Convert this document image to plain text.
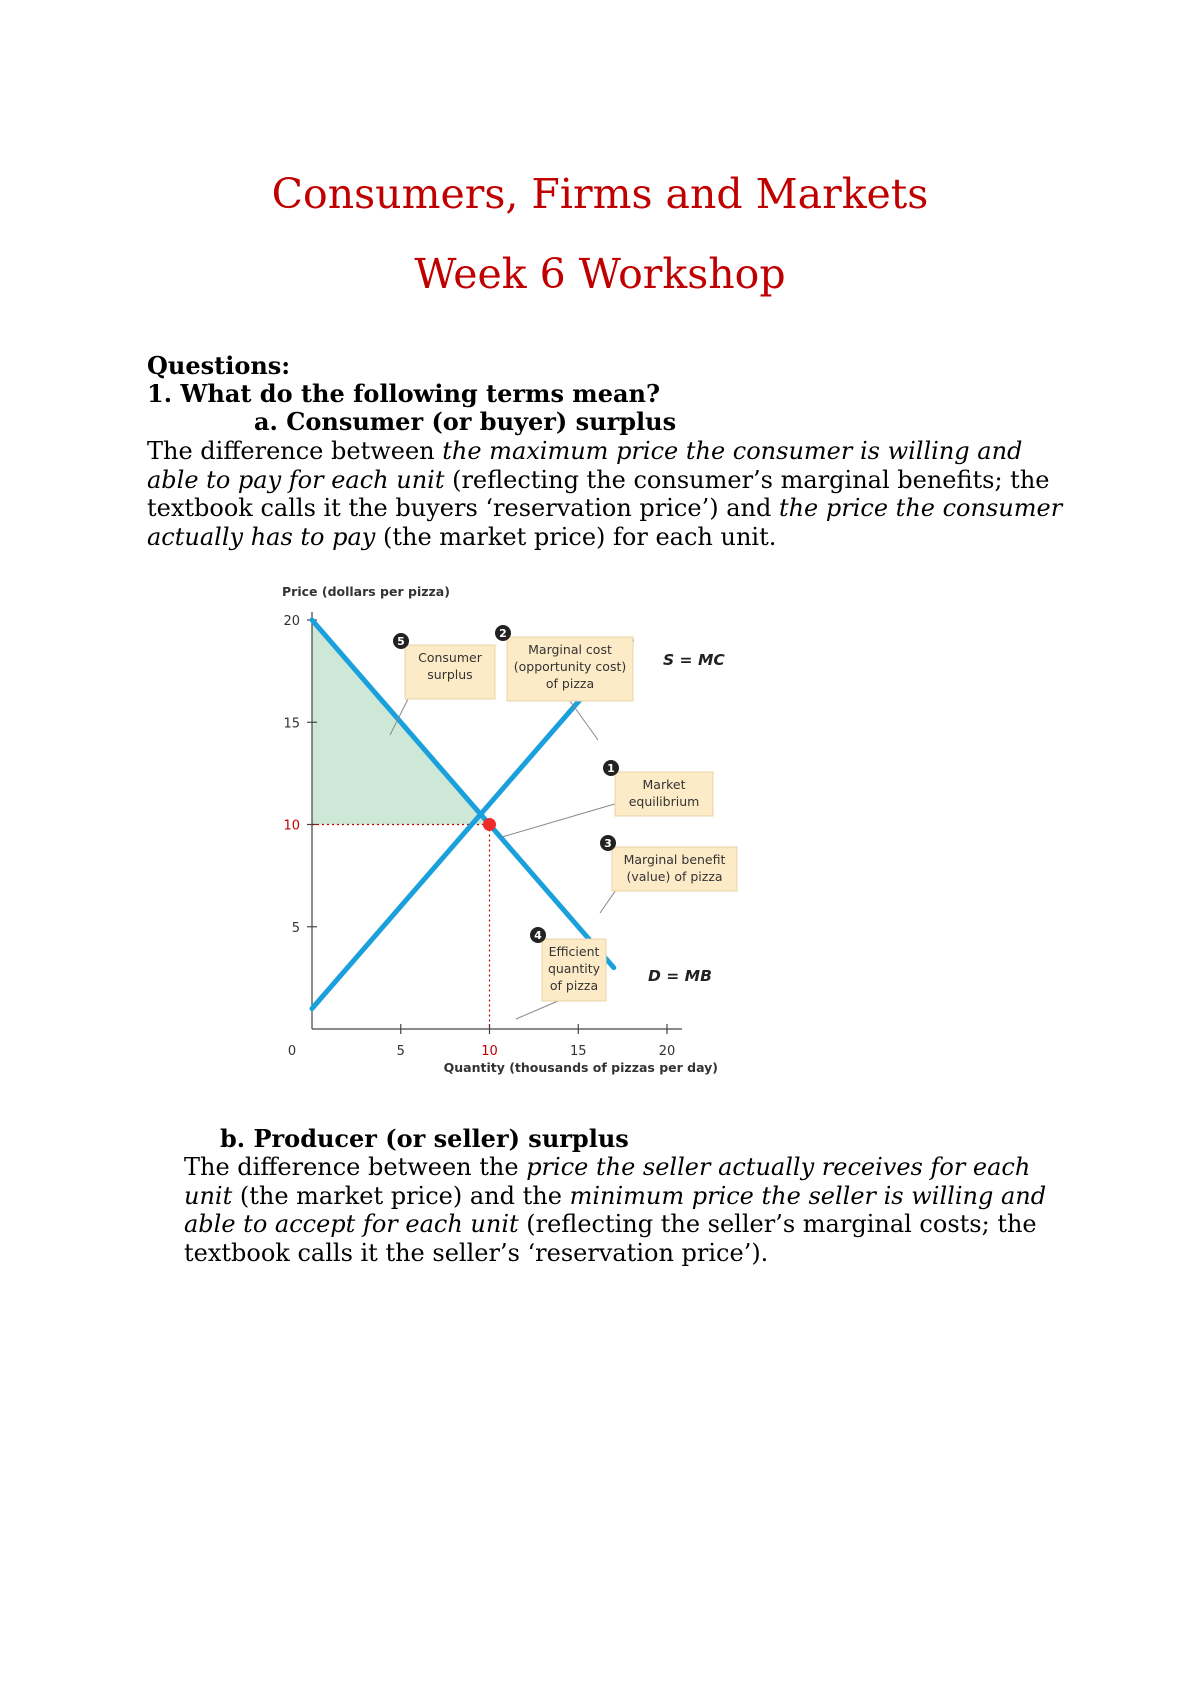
Consumers, Firms and Markets
Week 6 Workshop
Questions:
1. What do the following terms mean?
a. Consumer (or buyer) surplus
The difference between the maximum price the consumer is willing and able to pay for each unit (reflecting the consumer’s marginal benefits; the textbook calls it the buyers ‘reservation price’) and the price the consumer actually has to pay (the market price) for each unit.
0	5	10	15	20
5
10
15
20
Price (dollars per pizza)
Quantity (thousands of pizzas per day)
S = MC
D = MB
1
Market
equilibrium
2
Marginal cost
(opportunity cost)
of pizza
3
Marginal benefit
(value) of pizza
4
Efficient
quantity
of pizza
5
Consumer
surplus
b. Producer (or seller) surplus
The difference between the price the seller actually receives for each unit (the market price) and the minimum price the seller is willing and able to accept for each unit (reflecting the seller’s marginal costs; the textbook calls it the seller’s ‘reservation price’).
